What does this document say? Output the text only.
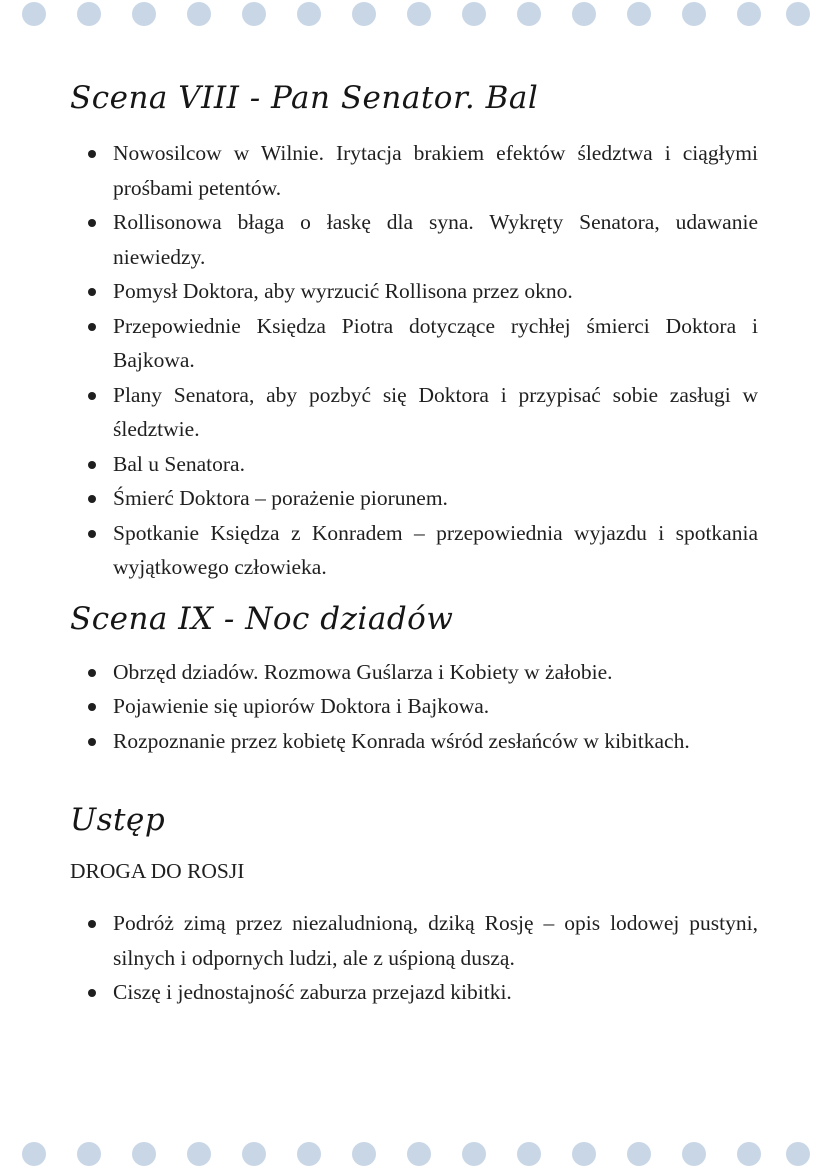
Scena VIII - Pan Senator. Bal
Nowosilcow w Wilnie. Irytacja brakiem efektów śledztwa i ciągłymi prośbami petentów.
Rollisonowa błaga o łaskę dla syna. Wykręty Senatora, udawanie niewiedzy.
Pomysł Doktora, aby wyrzucić Rollisona przez okno.
Przepowiednie Księdza Piotra dotyczące rychłej śmierci Doktora i Bajkowa.
Plany Senatora, aby pozbyć się Doktora i przypisać sobie zasługi w śledztwie.
Bal u Senatora.
Śmierć Doktora – porażenie piorunem.
Spotkanie Księdza z Konradem – przepowiednia wyjazdu i spotkania wyjątkowego człowieka.
Scena IX - Noc dziadów
Obrzęd dziadów. Rozmowa Guślarza i Kobiety w żałobie.
Pojawienie się upiorów Doktora i Bajkowa.
Rozpoznanie przez kobietę Konrada wśród zesłańców w kibitkach.
Ustęp
DROGA DO ROSJI
Podróż zimą przez niezaludnioną, dziką Rosję – opis lodowej pustyni, silnych i odpornych ludzi, ale z uśpioną duszą.
Ciszę i jednostajność zaburza przejazd kibitki.
